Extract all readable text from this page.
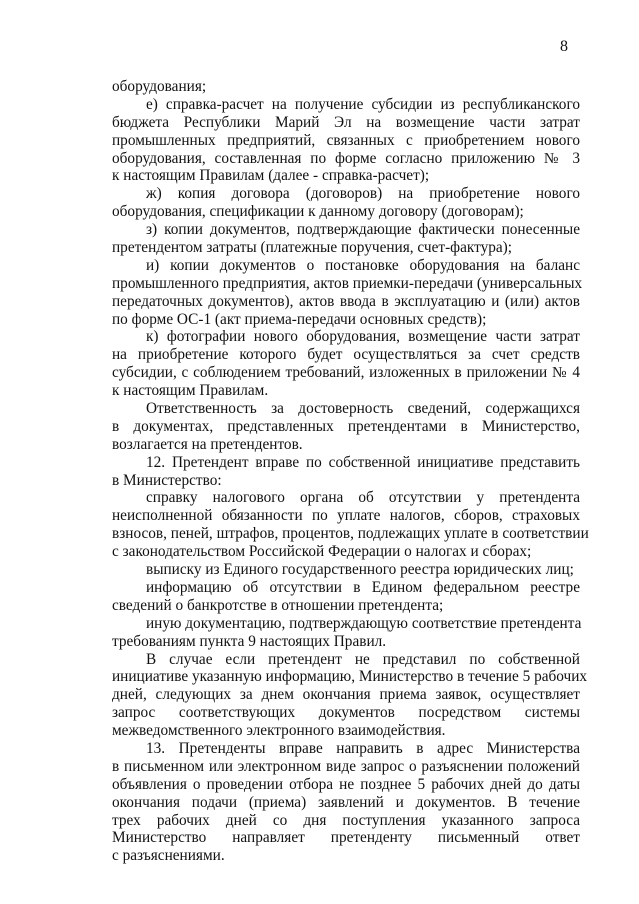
8
оборудования;
е) справка-расчет на получение субсидии из республиканского
бюджета Республики Марий Эл на возмещение части затрат
промышленных предприятий, связанных с приобретением нового
оборудования, составленная по форме согласно приложению № 3
к настоящим Правилам (далее - справка-расчет);
ж) копия договора (договоров) на приобретение нового
оборудования, спецификации к данному договору (договорам);
з) копии документов, подтверждающие фактически понесенные
претендентом затраты (платежные поручения, счет-фактура);
и) копии документов о постановке оборудования на баланс
промышленного предприятия, актов приемки-передачи (универсальных
передаточных документов), актов ввода в эксплуатацию и (или) актов
по форме ОС-1 (акт приема-передачи основных средств);
к) фотографии нового оборудования, возмещение части затрат
на приобретение которого будет осуществляться за счет средств
субсидии, с соблюдением требований, изложенных в приложении № 4
к настоящим Правилам.
Ответственность за достоверность сведений, содержащихся
в документах, представленных претендентами в Министерство,
возлагается на претендентов.
12. Претендент вправе по собственной инициативе представить
в Министерство:
справку налогового органа об отсутствии у претендента
неисполненной обязанности по уплате налогов, сборов, страховых
взносов, пеней, штрафов, процентов, подлежащих уплате в соответствии
с законодательством Российской Федерации о налогах и сборах;
выписку из Единого государственного реестра юридических лиц;
информацию об отсутствии в Едином федеральном реестре
сведений о банкротстве в отношении претендента;
иную документацию, подтверждающую соответствие претендента
требованиям пункта 9 настоящих Правил.
В случае если претендент не представил по собственной
инициативе указанную информацию, Министерство в течение 5 рабочих
дней, следующих за днем окончания приема заявок, осуществляет
запрос соответствующих документов посредством системы
межведомственного электронного взаимодействия.
13. Претенденты вправе направить в адрес Министерства
в письменном или электронном виде запрос о разъяснении положений
объявления о проведении отбора не позднее 5 рабочих дней до даты
окончания подачи (приема) заявлений и документов. В течение
трех рабочих дней со дня поступления указанного запроса
Министерство направляет претенденту письменный ответ
с разъяснениями.
